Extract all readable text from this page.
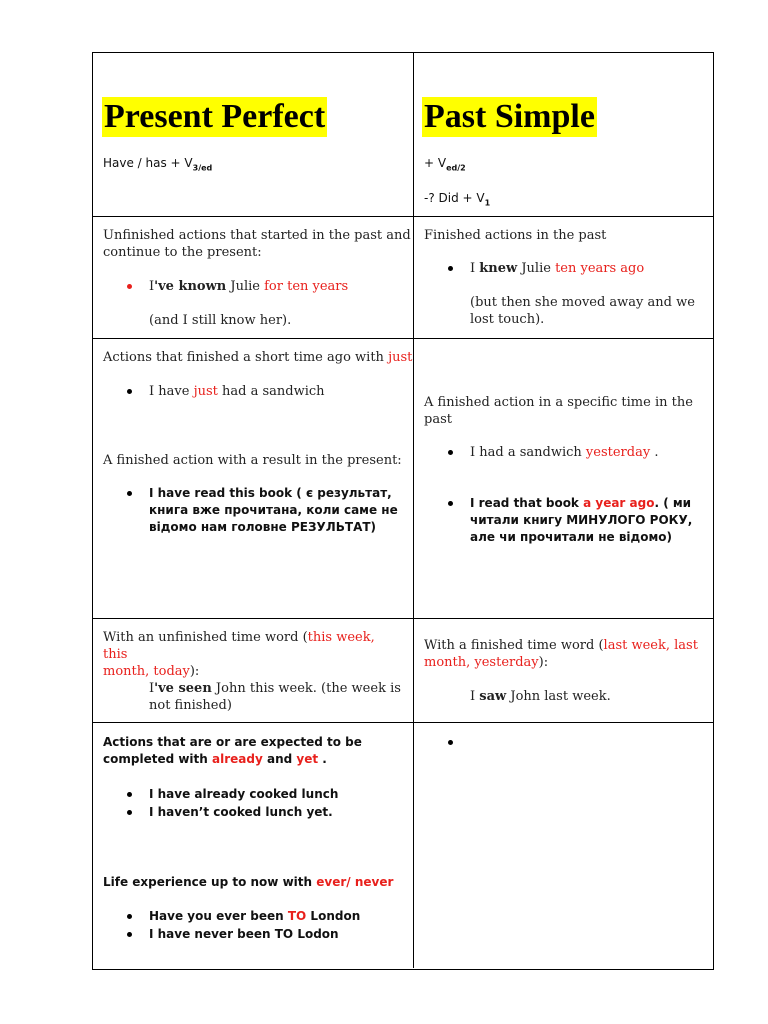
Present Perfect
Have / has + $V_{3/ed}$
Past Simple
+ $V_{ed/2}$
-? Did + $V_1$
Unfinished actions that started in the past and
continue to the present:
I've known Julie for ten years
(and I still know her).
Finished actions in the past
I knew Julie ten years ago
(but then she moved away and we
lost touch).
Actions that finished a short time ago with just
I have just had a sandwich
A finished action with a result in the present:
I have read this book ( є результат,
книга вже прочитана, коли саме не
відомо нам головне РЕЗУЛЬТАТ)
A finished action in a specific time in the
past
I had a sandwich yesterday .
I read that book a year ago. ( ми
читали книгу МИНУЛОГО РОКУ,
але чи прочитали не відомо)
With an unfinished time word (this week, this
month, today):
I've seen John this week. (the week is
not finished)
With a finished time word (last week, last
month, yesterday):
I saw John last week.
Actions that are or are expected to be
completed with already and yet .
I have already cooked lunch
I haven’t cooked lunch yet.
Life experience up to now with ever/ never
Have you ever been TO London
I have never been TO Lodon
